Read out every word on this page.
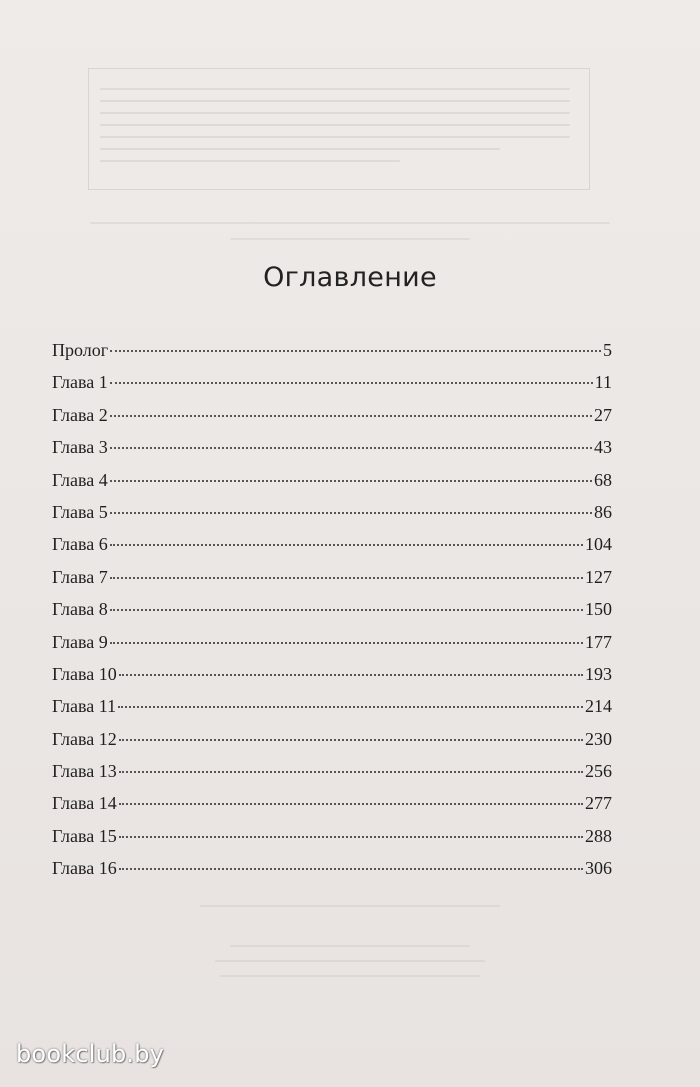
Оглавление
Пролог	5
Глава 1	11
Глава 2	27
Глава 3	43
Глава 4	68
Глава 5	86
Глава 6	104
Глава 7	127
Глава 8	150
Глава 9	177
Глава 10	193
Глава 11	214
Глава 12	230
Глава 13	256
Глава 14	277
Глава 15	288
Глава 16	306
bookclub.by
